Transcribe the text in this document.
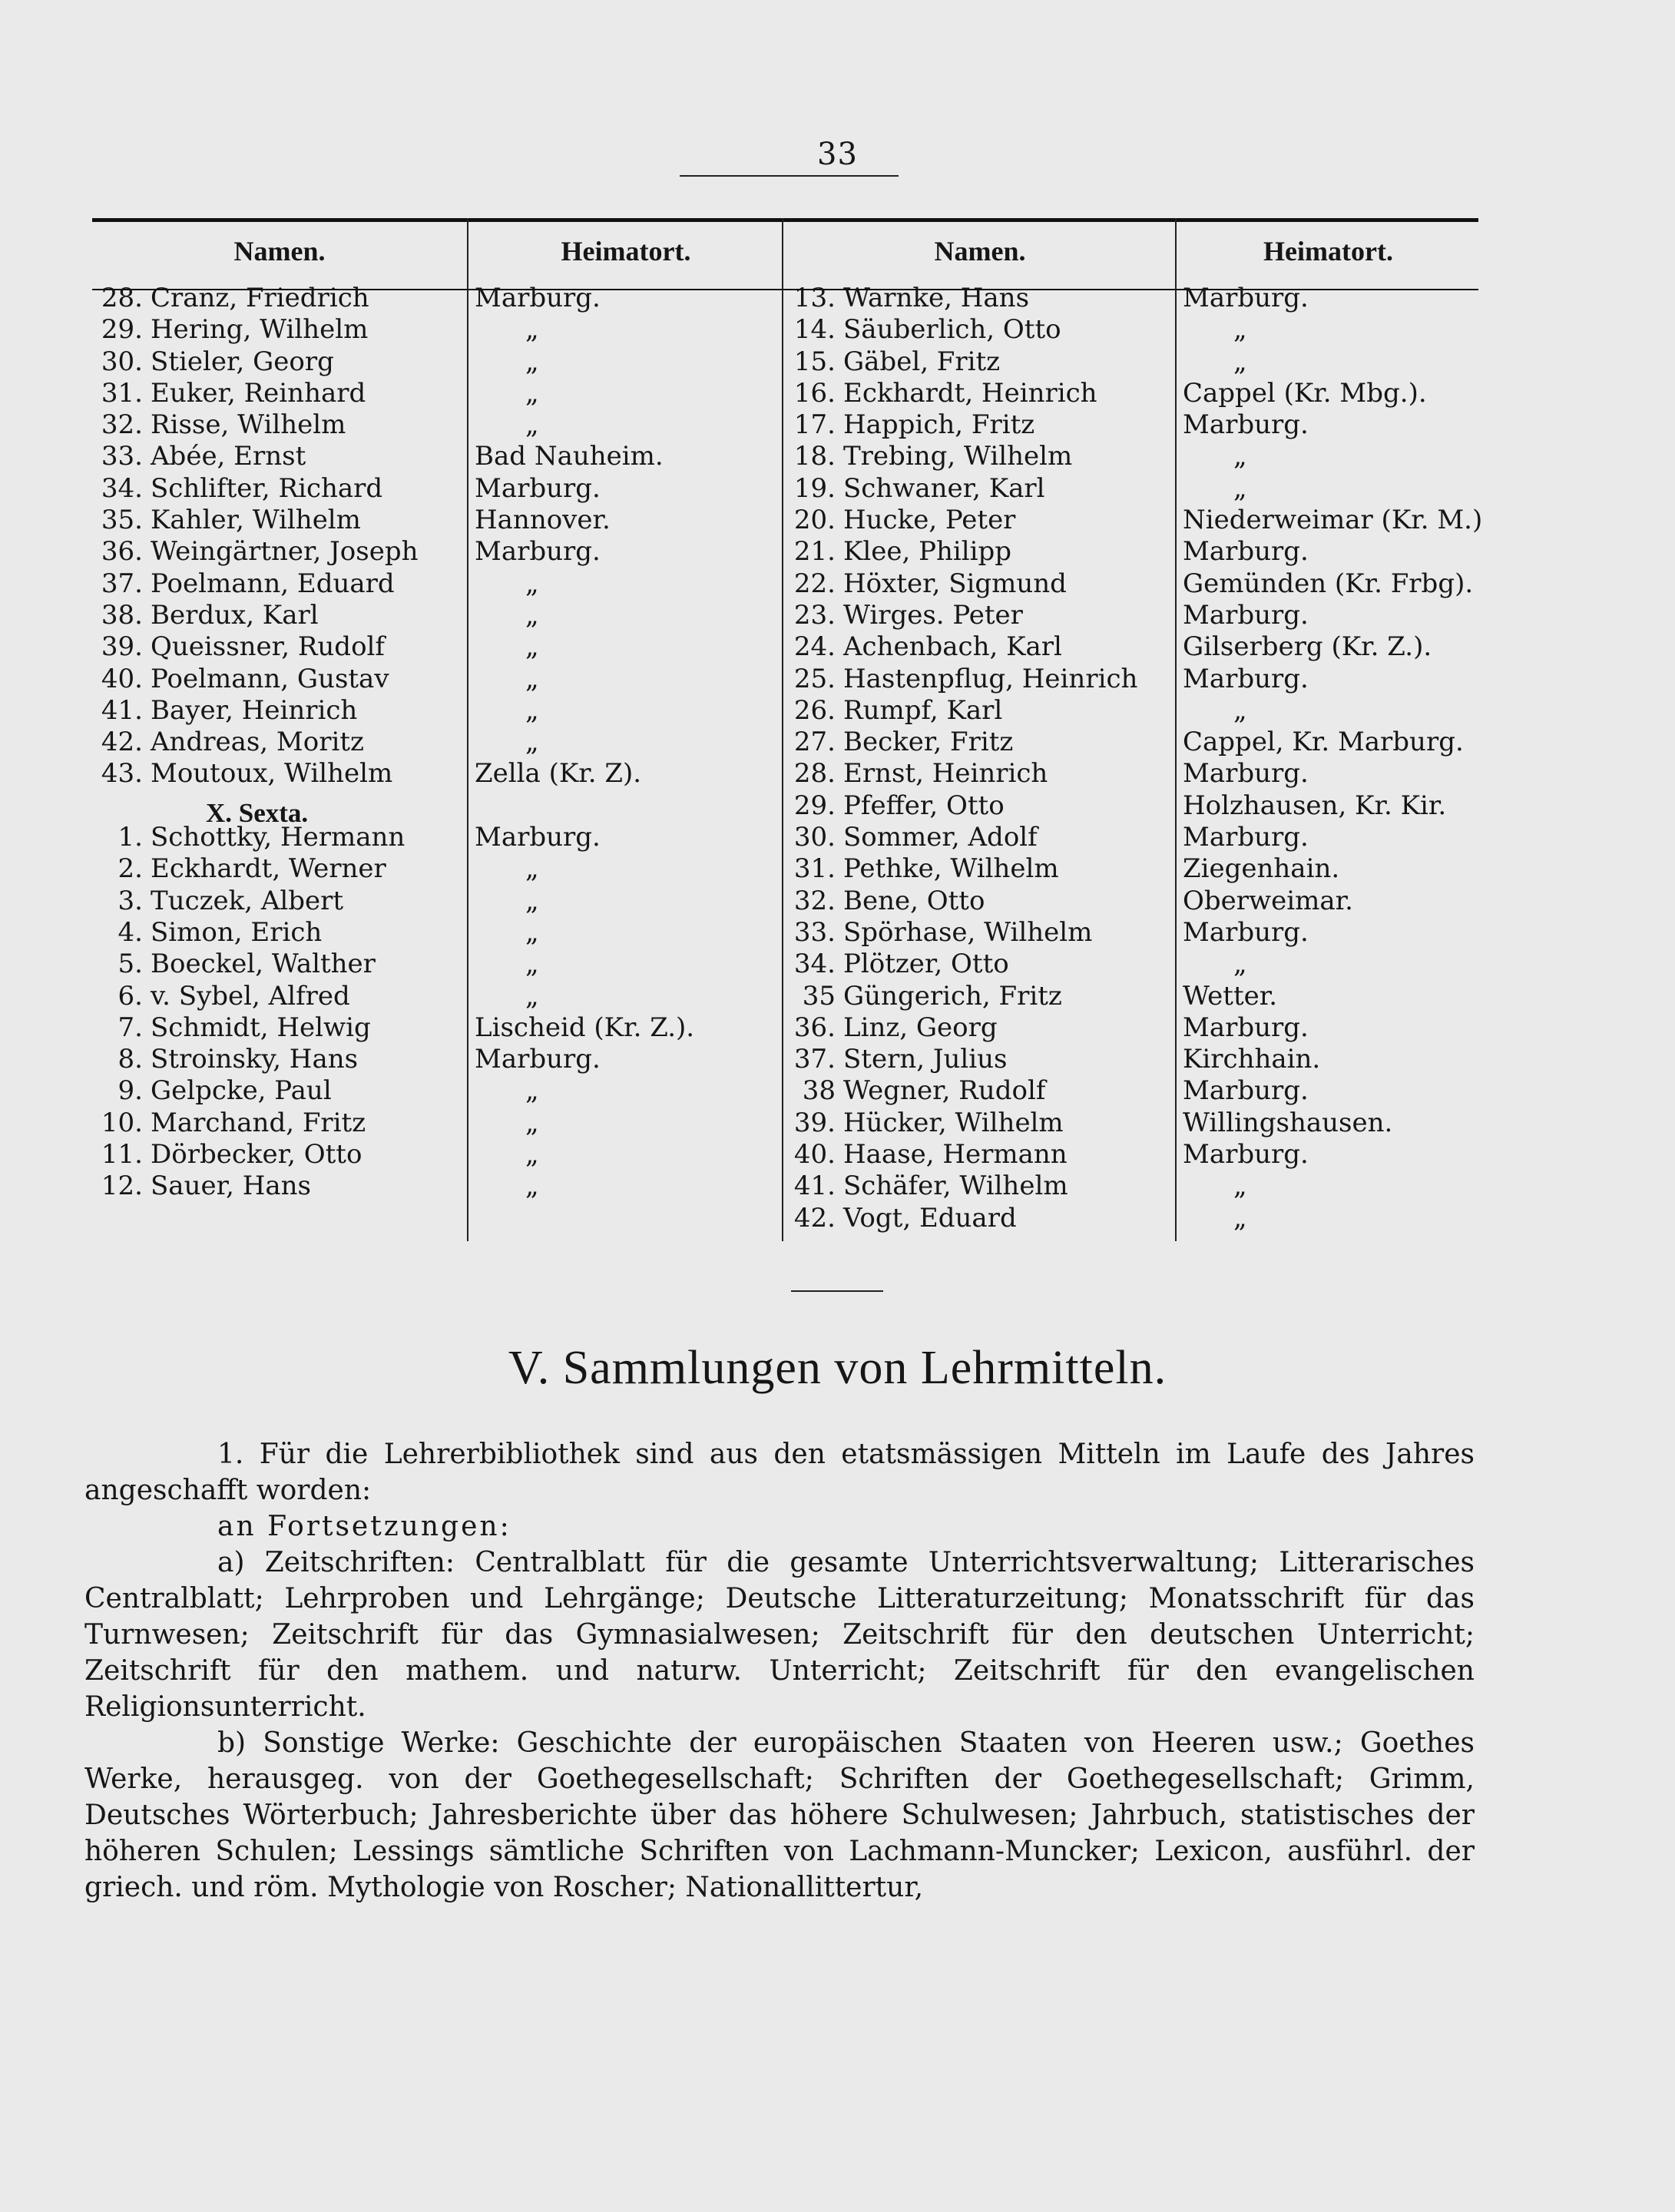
33
Namen.
28. Cranz, Friedrich
29. Hering, Wilhelm
30. Stieler, Georg
31. Euker, Reinhard
32. Risse, Wilhelm
33. Abée, Ernst
34. Schlifter, Richard
35. Kahler, Wilhelm
36. Weingärtner, Joseph
37. Poelmann, Eduard
38. Berdux, Karl
39. Queissner, Rudolf
40. Poelmann, Gustav
41. Bayer, Heinrich
42. Andreas, Moritz
43. Moutoux, Wilhelm
X. Sexta.
1. Schottky, Hermann
2. Eckhardt, Werner
3. Tuczek, Albert
4. Simon, Erich
5. Boeckel, Walther
6. v. Sybel, Alfred
7. Schmidt, Helwig
8. Stroinsky, Hans
9. Gelpcke, Paul
10. Marchand, Fritz
11. Dörbecker, Otto
12. Sauer, Hans
Heimatort.
Marburg.
„
„
„
„
Bad Nauheim.
Marburg.
Hannover.
Marburg.
„
„
„
„
„
„
Zella (Kr. Z).
Marburg.
„
„
„
„
„
Lischeid (Kr. Z.).
Marburg.
„
„
„
„
Namen.
13. Warnke, Hans
14. Säuberlich, Otto
15. Gäbel, Fritz
16. Eckhardt, Heinrich
17. Happich, Fritz
18. Trebing, Wilhelm
19. Schwaner, Karl
20. Hucke, Peter
21. Klee, Philipp
22. Höxter, Sigmund
23. Wirges. Peter
24. Achenbach, Karl
25. Hastenpflug, Heinrich
26. Rumpf, Karl
27. Becker, Fritz
28. Ernst, Heinrich
29. Pfeffer, Otto
30. Sommer, Adolf
31. Pethke, Wilhelm
32. Bene, Otto
33. Spörhase, Wilhelm
34. Plötzer, Otto
35 Güngerich, Fritz
36. Linz, Georg
37. Stern, Julius
38 Wegner, Rudolf
39. Hücker, Wilhelm
40. Haase, Hermann
41. Schäfer, Wilhelm
42. Vogt, Eduard
Heimatort.
Marburg.
„
„
Cappel (Kr. Mbg.).
Marburg.
„
„
Niederweimar (Kr. M.)
Marburg.
Gemünden (Kr. Frbg).
Marburg.
Gilserberg (Kr. Z.).
Marburg.
„
Cappel, Kr. Marburg.
Marburg.
Holzhausen, Kr. Kir.
Marburg.
Ziegenhain.
Oberweimar.
Marburg.
„
Wetter.
Marburg.
Kirchhain.
Marburg.
Willingshausen.
Marburg.
„
„
V. Sammlungen von Lehrmitteln.

1. Für die Lehrerbibliothek sind aus den etatsmässigen Mitteln im Laufe des Jahres angeschafft worden:

an Fortsetzungen:

a) Zeitschriften: Centralblatt für die gesamte Unterrichtsverwaltung; Litterarisches Centralblatt; Lehrproben und Lehrgänge; Deutsche Litteraturzeitung; Monatsschrift für das Turnwesen; Zeitschrift für das Gymnasialwesen; Zeitschrift für den deutschen Unterricht; Zeitschrift für den mathem. und naturw. Unterricht; Zeitschrift für den evangelischen Religionsunterricht.

b) Sonstige Werke: Geschichte der europäischen Staaten von Heeren usw.; Goethes Werke, herausgeg. von der Goethegesellschaft; Schriften der Goethegesellschaft; Grimm, Deutsches Wörterbuch; Jahresberichte über das höhere Schulwesen; Jahrbuch, statistisches der höheren Schulen; Lessings sämtliche Schriften von Lachmann-Muncker; Lexicon, ausführl. der griech. und röm. Mythologie von Roscher; Nationallittertur,
